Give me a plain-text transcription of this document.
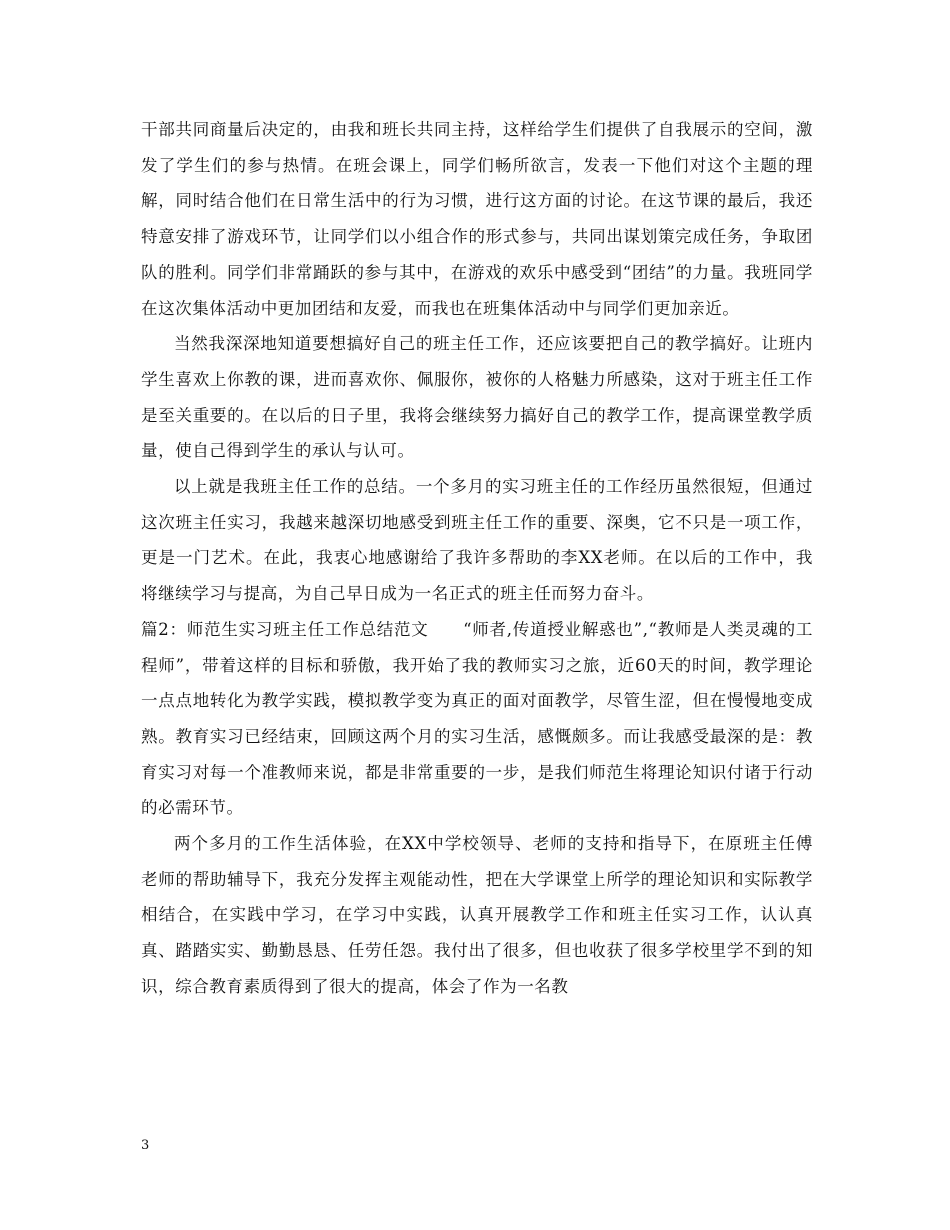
干部共同商量后决定的，由我和班长共同主持，这样给学生们提供了自我展示的空间，激发了学生们的参与热情。在班会课上，同学们畅所欲言，发表一下他们对这个主题的理解，同时结合他们在日常生活中的行为习惯，进行这方面的讨论。在这节课的最后，我还特意安排了游戏环节，让同学们以小组合作的形式参与，共同出谋划策完成任务，争取团队的胜利。同学们非常踊跃的参与其中，在游戏的欢乐中感受到“团结”的力量。我班同学在这次集体活动中更加团结和友爱，而我也在班集体活动中与同学们更加亲近。

当然我深深地知道要想搞好自己的班主任工作，还应该要把自己的教学搞好。让班内学生喜欢上你教的课，进而喜欢你、佩服你，被你的人格魅力所感染，这对于班主任工作是至关重要的。在以后的日子里，我将会继续努力搞好自己的教学工作，提高课堂教学质量，使自己得到学生的承认与认可。

以上就是我班主任工作的总结。一个多月的实习班主任的工作经历虽然很短，但通过这次班主任实习，我越来越深切地感受到班主任工作的重要、深奥，它不只是一项工作，更是一门艺术。在此，我衷心地感谢给了我许多帮助的李XX老师。在以后的工作中，我将继续学习与提高，为自己早日成为一名正式的班主任而努力奋斗。

篇2：师范生实习班主任工作总结范文　　“师者,传道授业解惑也”,“教师是人类灵魂的工程师”，带着这样的目标和骄傲，我开始了我的教师实习之旅，近60天的时间，教学理论一点点地转化为教学实践，模拟教学变为真正的面对面教学，尽管生涩，但在慢慢地变成熟。教育实习已经结束，回顾这两个月的实习生活，感慨颇多。而让我感受最深的是：教育实习对每一个准教师来说，都是非常重要的一步，是我们师范生将理论知识付诸于行动的必需环节。

两个多月的工作生活体验，在XX中学校领导、老师的支持和指导下，在原班主任傅老师的帮助辅导下，我充分发挥主观能动性，把在大学课堂上所学的理论知识和实际教学相结合，在实践中学习，在学习中实践，认真开展教学工作和班主任实习工作，认认真真、踏踏实实、勤勤恳恳、任劳任怨。我付出了很多，但也收获了很多学校里学不到的知识，综合教育素质得到了很大的提高，体会了作为一名教

3
